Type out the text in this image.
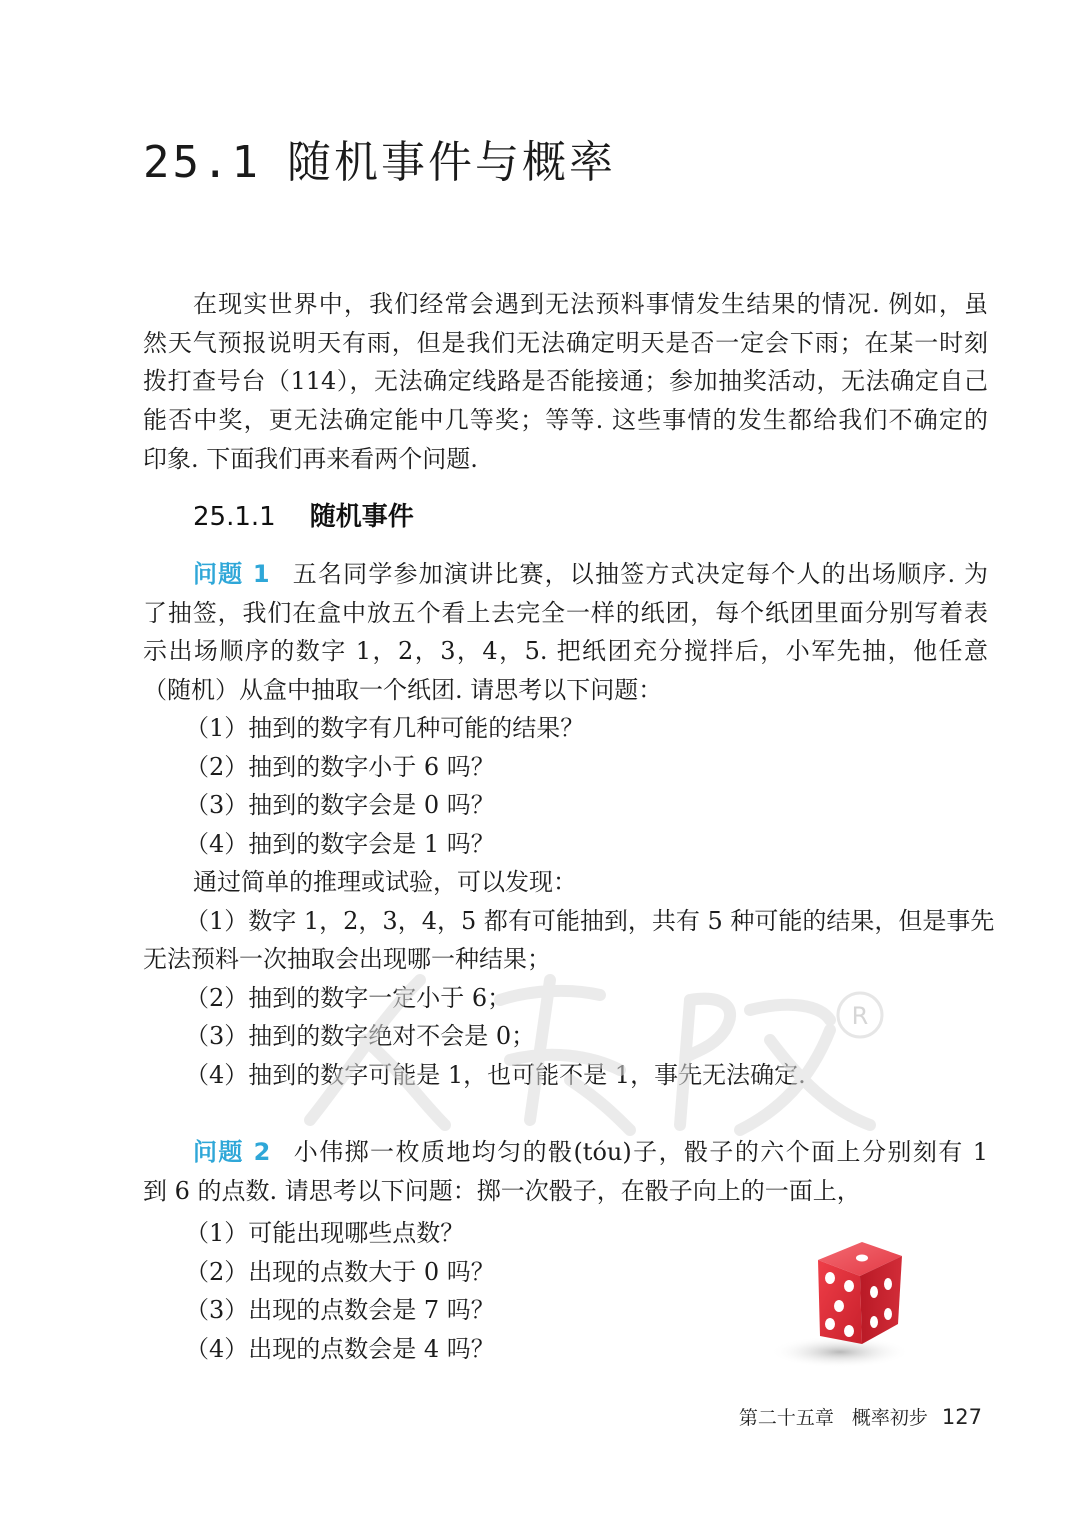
25.1 随机事件与概率
在现实世界中，我们经常会遇到无法预料事情发生结果的情况. 例如，虽
然天气预报说明天有雨，但是我们无法确定明天是否一定会下雨；在某一时刻
拨打查号台（114），无法确定线路是否能接通；参加抽奖活动，无法确定自己
能否中奖，更无法确定能中几等奖；等等. 这些事情的发生都给我们不确定的
印象. 下面我们再来看两个问题.
25.1.1 随机事件
问题 1 五名同学参加演讲比赛，以抽签方式决定每个人的出场顺序. 为
了抽签，我们在盒中放五个看上去完全一样的纸团，每个纸团里面分别写着表
示出场顺序的数字 1，2，3，4，5. 把纸团充分搅拌后，小军先抽，他任意
（随机）从盒中抽取一个纸团. 请思考以下问题：
（1）抽到的数字有几种可能的结果？
（2）抽到的数字小于 6 吗？
（3）抽到的数字会是 0 吗？
（4）抽到的数字会是 1 吗？
通过简单的推理或试验，可以发现：
（1）数字 1，2，3，4，5 都有可能抽到，共有 5 种可能的结果，但是事先
无法预料一次抽取会出现哪一种结果；
（2）抽到的数字一定小于 6；
（3）抽到的数字绝对不会是 0；
（4）抽到的数字可能是 1，也可能不是 1，事先无法确定.
R
问题 2 小伟掷一枚质地均匀的骰(tóu)子，骰子的六个面上分别刻有 1
到 6 的点数. 请思考以下问题：掷一次骰子，在骰子向上的一面上，
（1）可能出现哪些点数？
（2）出现的点数大于 0 吗？
（3）出现的点数会是 7 吗？
（4）出现的点数会是 4 吗？
第二十五章 概率初步 127
